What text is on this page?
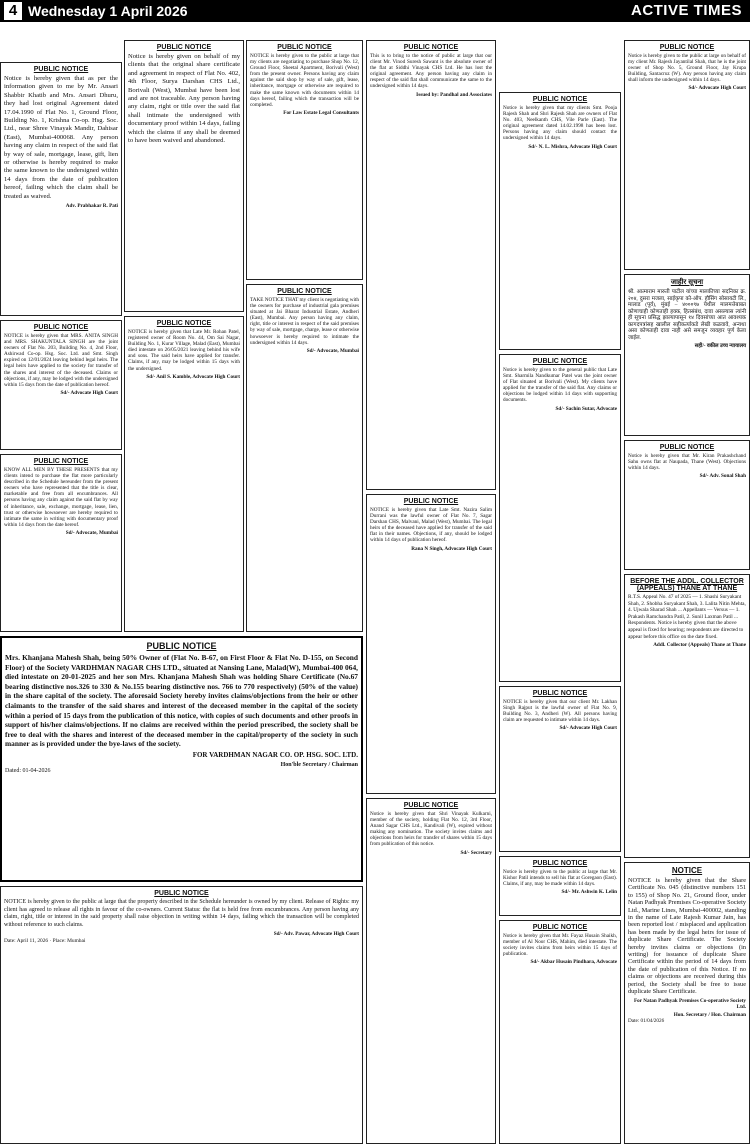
4 Wednesday 1 April 2026	ACTIVE TIMES
PUBLIC NOTICE

Notice is hereby given that as per the information given to me by Mr. Ansari Shabbir Khatib and Mrs. Ansari Dhuru, they had lost original Agreement dated 17.04.1990 of Flat No. 1, Ground Floor, Building No. 1, Krishna Co-op. Hsg. Soc. Ltd., near Shree Vinayak Mandir, Dahisar (East), Mumbai-400068. Any person having any claim in respect of the said flat by way of sale, mortgage, lease, gift, lien or otherwise is hereby required to make the same known to the undersigned within 14 days from the date of publication hereof, failing which the claim shall be treated as waived.

Adv. Prabhakar R. Pati
PUBLIC NOTICE

NOTICE is hereby given that MRS. ANITA SINGH and MRS. SHAKUNTALA SINGH are the joint owners of Flat No. 203, Building No. 4, 2nd Floor, Ashirwad Co-op. Hsg. Soc. Ltd. and Smt. Singh expired on 12/01/2024 leaving behind legal heirs. The legal heirs have applied to the society for transfer of the shares and interest of the deceased. Claims or objections, if any, may be lodged with the undersigned within 15 days from the date of publication hereof.

Sd/- Advocate High Court
PUBLIC NOTICE

KNOW ALL MEN BY THESE PRESENTS that my clients intend to purchase the flat more particularly described in the Schedule hereunder from the present owners who have represented that the title is clear, marketable and free from all encumbrances. All persons having any claim against the said flat by way of inheritance, sale, exchange, mortgage, lease, lien, trust or otherwise howsoever are hereby required to intimate the same in writing with documentary proof within 14 days from the date hereof.

Sd/- Advocate, Mumbai
PUBLIC NOTICE

Notice is hereby given on behalf of my clients that the original share certificate and agreement in respect of Flat No. 402, 4th Floor, Surya Darshan CHS Ltd., Borivali (West), Mumbai have been lost and are not traceable. Any person having any claim, right or title over the said flat shall intimate the undersigned with documentary proof within 14 days, failing which the claims if any shall be deemed to have been waived and abandoned.

PUBLIC NOTICE

NOTICE is hereby given that Late Mr. Rohan Patel, registered owner of Room No. 44, Om Sai Nagar, Building No. 1, Kurar Village, Malad (East), Mumbai died intestate on 26/05/2021 leaving behind his wife and sons. The said heirs have applied for transfer. Claims, if any, may be lodged within 15 days with the undersigned.

Sd/- Anil S. Kamble, Advocate High Court
PUBLIC NOTICE

Mrs. Khanjana Mahesh Shah, being 50% Owner of (Flat No. B-67, on First Floor & Flat No. D-155, on Second Floor) of the Society VARDHMAN NAGAR CHS LTD., situated at Nansing Lane, Malad(W), Mumbai-400 064, died intestate on 20-01-2025 and her son Mrs. Khanjana Mahesh Shah was holding Share Certificate (No.67 bearing distinctive nos.326 to 330 & No.155 bearing distinctive nos. 766 to 770 respectively) (50% of the value) in the share capital of the society. The aforesaid Society hereby invites claims/objections from the heir or other claimants to the transfer of the said shares and interest of the deceased member in the capital of the society within a period of 15 days from the publication of this notice, with copies of such documents and other proofs in support of his/her claims/objections. If no claims are received within the period prescribed, the society shall be free to deal with the shares and interest of the deceased member in the capital/property of the society in such manner as is provided under the bye-laws of the society.

FOR VARDHMAN NAGAR CO. OP. HSG. SOC. LTD.
Hon'ble Secretary / Chairman
Dated: 01-04-2026
PUBLIC NOTICE

NOTICE is hereby given to the public at large that the property described in the Schedule hereunder is owned by my client. Release of Rights: my client has agreed to release all rights in favour of the co-owners. Current Status: the flat is held free from encumbrances. Any person having any claim, right, title or interest in the said property shall raise objection in writing within 14 days, failing which the transaction will be completed without reference to such claims.

Sd/- Adv. Pawar, Advocate High Court
Date: April 11, 2026 · Place: Mumbai
PUBLIC NOTICE

NOTICE is hereby given to the public at large that my clients are negotiating to purchase Shop No. 12, Ground Floor, Sheetal Apartment, Borivali (West) from the present owner. Persons having any claim against the said shop by way of sale, gift, lease, inheritance, mortgage or otherwise are required to make the same known with documents within 14 days hereof, failing which the transaction will be completed.

For Law Estate Legal Consultants
PUBLIC NOTICE

TAKE NOTICE THAT my client is negotiating with the owners for purchase of industrial gala premises situated at Jai Bharat Industrial Estate, Andheri (East), Mumbai. Any person having any claim, right, title or interest in respect of the said premises by way of sale, mortgage, charge, lease or otherwise howsoever is hereby required to intimate the undersigned within 14 days.

Sd/- Advocate, Mumbai
PUBLIC NOTICE

This is to bring to the notice of public at large that our client Mr. Vinod Suresh Sawant is the absolute owner of the flat at Siddhi Vinayak CHS Ltd. He has lost the original agreement. Any person having any claim in respect of the said flat shall communicate the same to the undersigned within 14 days.

Issued by: Pandhal and Associates
PUBLIC NOTICE

NOTICE is hereby given that Late Smt. Nazira Salim Durrani was the lawful owner of Flat No. 7, Sagar Darshan CHS, Malvani, Malad (West), Mumbai. The legal heirs of the deceased have applied for transfer of the said flat in their names. Objections, if any, should be lodged within 14 days of publication hereof.

Rana N Singh, Advocate High Court
PUBLIC NOTICE

Notice is hereby given that Shri Vinayak Kulkarni, member of the society, holding Flat No. 12, 3rd Floor, Anand Sagar CHS Ltd., Kandivali (W), expired without making any nomination. The society invites claims and objections from heirs for transfer of shares within 15 days from publication of this notice.

Sd/- Secretary
PUBLIC NOTICE

Notice is hereby given that my clients Smt. Pooja Rajesh Shah and Shri Rajesh Shah are owners of Flat No. 403, Neelkanth CHS, Vile Parle (East). The original agreement dated 14.02.1998 has been lost. Persons having any claim should contact the undersigned within 14 days.

Sd/- N. L. Mishra, Advocate High Court
PUBLIC NOTICE

Notice is hereby given to the general public that Late Smt. Sharmila Nandkumar Patel was the joint owner of Flat situated at Borivali (West). My clients have applied for the transfer of the said flat. Any claims or objections be lodged within 14 days with supporting documents.

Sd/- Sachin Sutar, Advocate
PUBLIC NOTICE

NOTICE is hereby given that our client Mr. Lakhan Singh Rajput is the lawful owner of Flat No. 9, Building No. 3, Andheri (W). All persons having claim are requested to intimate within 14 days.

Sd/- Advocate High Court
PUBLIC NOTICE

Notice is hereby given to the public at large that Mr. Kishor Patil intends to sell his flat at Goregaon (East). Claims, if any, may be made within 14 days.

Sd/- Mr. Ashwin K. Lelin
PUBLIC NOTICE

Notice is hereby given that Mr. Fayaz Husain Shaikh, member of Al Noor CHS, Mahim, died intestate. The society invites claims from heirs within 15 days of publication.

Sd/- Akbar Husain Pindhara, Advocate
PUBLIC NOTICE

Notice is hereby given to the public at large on behalf of my client Mr. Rajesh Jayantilal Shah, that he is the joint owner of Shop No. 5, Ground Floor, Jay Krupa Building, Santacruz (W). Any person having any claim shall inform the undersigned within 14 days.

Sd/- Advocate High Court
जाहीर सूचना

श्री. आत्माराम मारुती पाटील यांच्या मालकीच्या सदनिका क्र. २०४, दुसरा मजला, साईकृपा को-ऑप. हौसिंग सोसायटी लि., मालाड (पूर्व), मुंबई – ४०००९७ येथील मालमत्तेबाबत कोणाचाही कोणताही हक्क, हितसंबंध, दावा असल्यास त्यांनी ही सूचना प्रसिद्ध झाल्यापासून १४ दिवसांच्या आत आवश्यक कागदपत्रांसह खालील सहीकर्त्याकडे लेखी कळवावे, अन्यथा असा कोणताही दावा नाही असे समजून व्यवहार पूर्ण केला जाईल.

सही/- वकील उच्च न्यायालय
PUBLIC NOTICE

Notice is hereby given that Mr. Kiran Prakashchand Sahu owns flat at Naupada, Thane (West). Objections within 14 days.

Sd/- Adv. Sonal Shah
BEFORE THE ADDL. COLLECTOR (APPEALS) THANE AT THANE

R.T.S. Appeal No. 47 of 2025 — 1. Shashi Suryakant Shah, 2. Shobha Suryakant Shah, 3. Lalita Nitin Mehta, 4. Ujwala Sharad Shah ... Appellants — Versus — 1. Prakash Ramchandra Patil, 2. Sunil Laxman Patil ... Respondents. Notice is hereby given that the above appeal is fixed for hearing; respondents are directed to appear before this office on the date fixed.

Addl. Collector (Appeals) Thane at Thane
NOTICE

NOTICE is hereby given that the Share Certificate No. 045 (distinctive numbers 151 to 155) of Shop No. 21, Ground floor, under Natan Padhyak Premises Co-operative Society Ltd., Marine Lines, Mumbai-400002, standing in the name of Late Rajesh Kumar Jain, has been reported lost / misplaced and application has been made by the legal heirs for issue of duplicate Share Certificate. The Society hereby invites claims or objections (in writing) for issuance of duplicate Share Certificate within the period of 14 days from the date of publication of this Notice. If no claims or objections are received during this period, the Society shall be free to issue duplicate Share Certificate.

For Natan Padhyak Premises Co-operative Society Ltd.
Hon. Secretary / Hon. Chairman
Date: 01/04/2026
